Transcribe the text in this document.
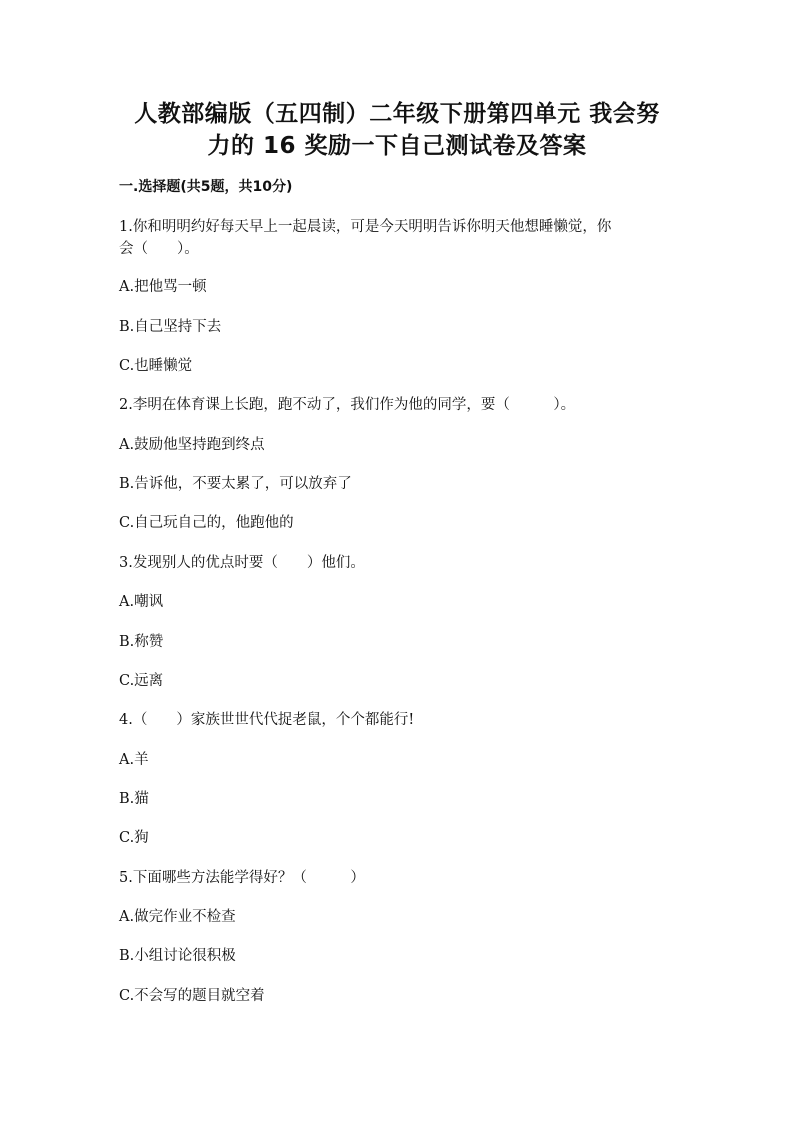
人教部编版（五四制）二年级下册第四单元 我会努
力的 16 奖励一下自己测试卷及答案
一.选择题(共5题，共10分)
1.你和明明约好每天早上一起晨读，可是今天明明告诉你明天他想睡懒觉，你
会（　　）。
A.把他骂一顿
B.自己坚持下去
C.也睡懒觉
2.李明在体育课上长跑，跑不动了，我们作为他的同学，要（　　　）。
A.鼓励他坚持跑到终点
B.告诉他，不要太累了，可以放弃了
C.自己玩自己的，他跑他的
3.发现别人的优点时要（　　）他们。
A.嘲讽
B.称赞
C.远离
4.（　　）家族世世代代捉老鼠，个个都能行!
A.羊
B.猫
C.狗
5.下面哪些方法能学得好？（　　　）
A.做完作业不检查
B.小组讨论很积极
C.不会写的题目就空着
